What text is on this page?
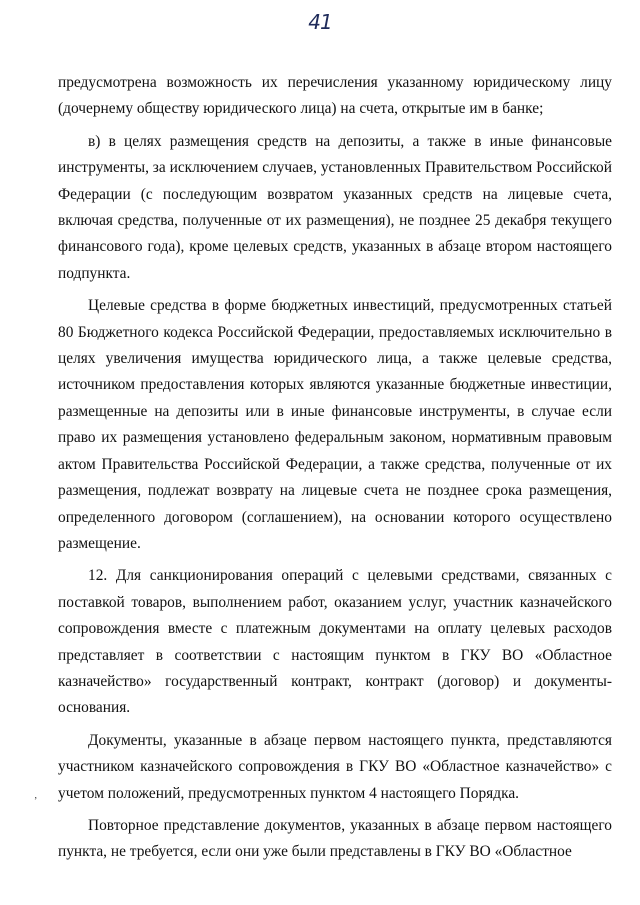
41
‚

предусмотрена возможность их перечисления указанному юридическому лицу (дочернему обществу юридического лица) на счета, открытые им в банке;

в) в целях размещения средств на депозиты, а также в иные финансовые инструменты, за исключением случаев, установленных Правительством Российской Федерации (с последующим возвратом указанных средств на лицевые счета, включая средства, полученные от их размещения), не позднее 25 декабря текущего финансового года), кроме целевых средств, указанных в абзаце втором настоящего подпункта.

Целевые средства в форме бюджетных инвестиций, предусмотренных статьей 80 Бюджетного кодекса Российской Федерации, предоставляемых исключительно в целях увеличения имущества юридического лица, а также целевые средства, источником предоставления которых являются указанные бюджетные инвестиции, размещенные на депозиты или в иные финансовые инструменты, в случае если право их размещения установлено федеральным законом, нормативным правовым актом Правительства Российской Федерации, а также средства, полученные от их размещения, подлежат возврату на лицевые счета не позднее срока размещения, определенного договором (соглашением), на основании которого осуществлено размещение.

12. Для санкционирования операций с целевыми средствами, связанных с поставкой товаров, выполнением работ, оказанием услуг, участник казначейского сопровождения вместе с платежным документами на оплату целевых расходов представляет в соответствии с настоящим пунктом в ГКУ ВО «Областное казначейство» государственный контракт, контракт (договор) и документы-основания.

Документы, указанные в абзаце первом настоящего пункта, представляются участником казначейского сопровождения в ГКУ ВО «Областное казначейство» с учетом положений, предусмотренных пунктом 4 настоящего Порядка.

Повторное представление документов, указанных в абзаце первом настоящего пункта, не требуется, если они уже были представлены в ГКУ ВО «Областное
